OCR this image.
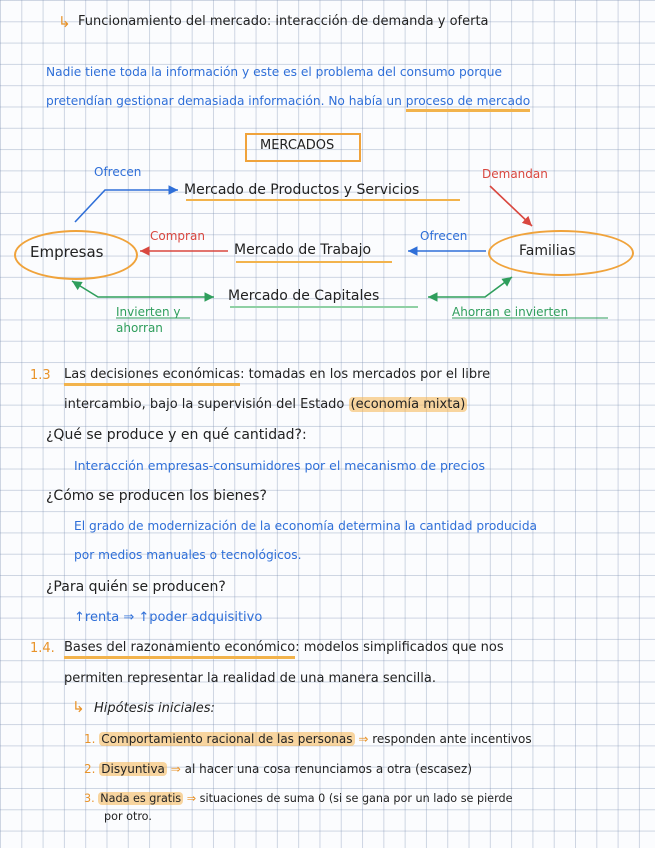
↳ Funcionamiento del mercado: interacción de demanda y oferta
Nadie tiene toda la información y este es el problema del consumo porque
pretendían gestionar demasiada información. No había un proceso de mercado
MERCADOS
Empresas	Familias
Mercado de Productos y Servicios
Mercado de Trabajo
Mercado de Capitales
Ofrecen	Demandan
Compran	Ofrecen
Invierten y
ahorran
Ahorran e invierten
1.3 Las decisiones económicas: tomadas en los mercados por el libre
intercambio, bajo la supervisión del Estado (economía mixta)
¿Qué se produce y en qué cantidad?:
Interacción empresas-consumidores por el mecanismo de precios
¿Cómo se producen los bienes?
El grado de modernización de la economía determina la cantidad producida
por medios manuales o tecnológicos.
¿Para quién se producen?
↑renta ⇒ ↑poder adquisitivo
1.4. Bases del razonamiento económico: modelos simplificados que nos
permiten representar la realidad de una manera sencilla.
↳ Hipótesis iniciales:
1. Comportamiento racional de las personas ⇒ responden ante incentivos
2. Disyuntiva ⇒ al hacer una cosa renunciamos a otra (escasez)
3. Nada es gratis ⇒ situaciones de suma 0 (si se gana por un lado se pierde
por otro.
